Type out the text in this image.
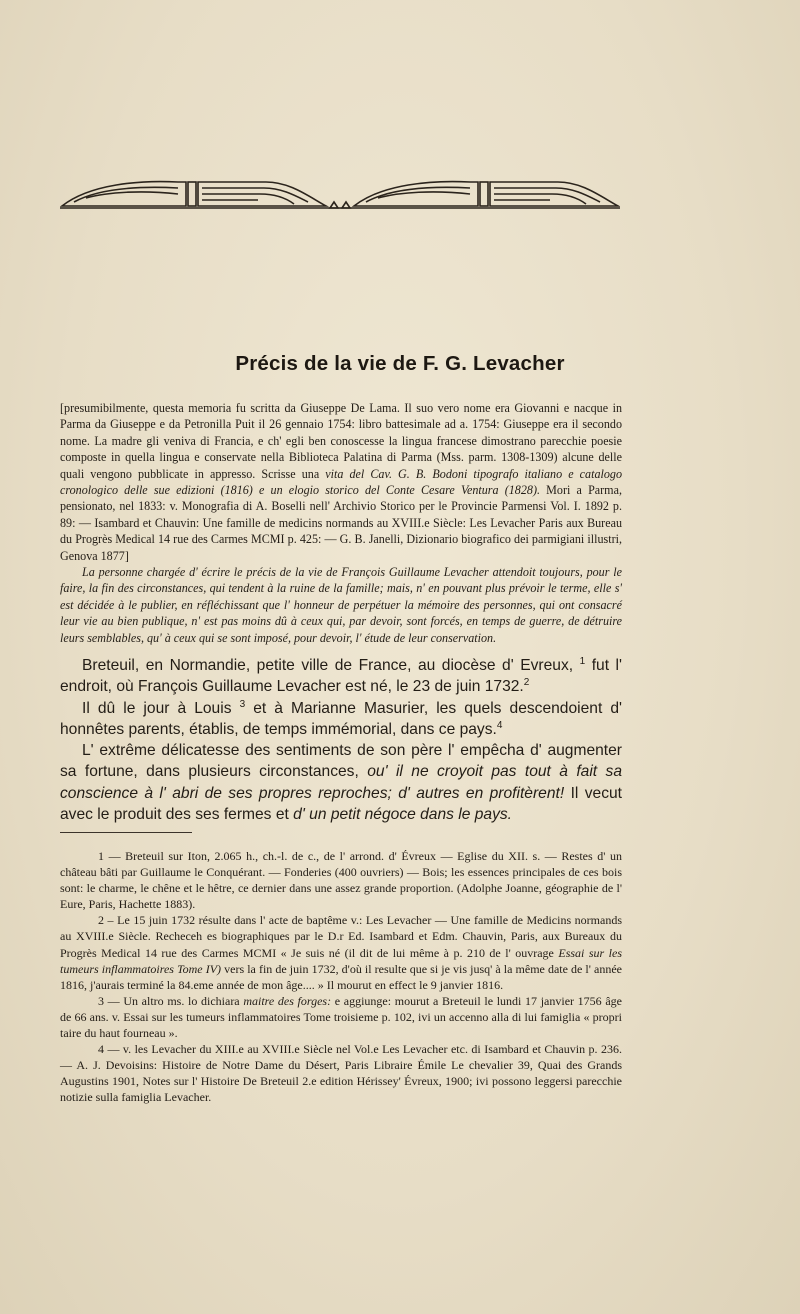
Précis de la vie de F. G. Levacher

[presumibilmente, questa memoria fu scritta da Giuseppe De Lama. Il suo vero nome era Giovanni e nacque in Parma da Giuseppe e da Petronilla Puit il 26 gennaio 1754: libro battesimale ad a. 1754: Giuseppe era il secondo nome. La madre gli veniva di Francia, e ch' egli ben conoscesse la lingua francese dimostrano parecchie poesie composte in quella lingua e conservate nella Biblioteca Palatina di Parma (Mss. parm. 1308-1309) alcune delle quali vengono pubblicate in appresso. Scrisse una vita del Cav. G. B. Bodoni tipografo italiano e catalogo cronologico delle sue edizioni (1816) e un elogio storico del Conte Cesare Ventura (1828). Mori a Parma, pensionato, nel 1833: v. Monografia di A. Boselli nell' Archivio Storico per le Provincie Parmensi Vol. I. 1892 p. 89: — Isambard et Chauvin: Une famille de medicins normands au XVIII.e Siècle: Les Levacher Paris aux Bureau du Progrès Medical 14 rue des Carmes MCMI p. 425: — G. B. Janelli, Dizionario biografico dei parmigiani illustri, Genova 1877]

La personne chargée d' écrire le précis de la vie de François Guillaume Levacher attendoit toujours, pour le faire, la fin des circonstances, qui tendent à la ruine de la famille; mais, n' en pouvant plus prévoir le terme, elle s' est décidée à le publier, en réfléchissant que l' honneur de perpétuer la mémoire des personnes, qui ont consacré leur vie au bien publique, n' est pas moins dû à ceux qui, par devoir, sont forcés, en temps de guerre, de détruire leurs semblables, qu' à ceux qui se sont imposé, pour devoir, l' étude de leur conservation.

Breteuil, en Normandie, petite ville de France, au diocèse d' Evreux, $^1$ fut l' endroit, où François Guillaume Levacher est né, le 23 de juin 1732.$^2$

Il dû le jour à Louis $^3$ et à Marianne Masurier, les quels descendoient d' honnêtes parents, établis, de temps immémorial, dans ce pays.$^4$

L' extrême délicatesse des sentiments de son père l' empêcha d' augmenter sa fortune, dans plusieurs circonstances, ou' il ne croyoit pas tout à fait sa conscience à l' abri de ses propres reproches; d' autres en profitèrent! Il vecut avec le produit des ses fermes et d' un petit négoce dans le pays.

1 — Breteuil sur Iton, 2.065 h., ch.-l. de c., de l' arrond. d' Évreux — Eglise du XII. s. — Restes d' un château bâti par Guillaume le Conquérant. — Fonderies (400 ouvriers) — Bois; les essences principales de ces bois sont: le charme, le chêne et le hêtre, ce dernier dans une assez grande proportion. (Adolphe Joanne, géographie de l' Eure, Paris, Hachette 1883).

2 – Le 15 juin 1732 résulte dans l' acte de baptême v.: Les Levacher — Une famille de Medicins normands au XVIII.e Siècle. Recheceh es biographiques par le D.r Ed. Isambard et Edm. Chauvin, Paris, aux Bureaux du Progrès Medical 14 rue des Carmes MCMI « Je suis né (il dit de lui même à p. 210 de l' ouvrage Essai sur les tumeurs inflammatoires Tome IV) vers la fin de juin 1732, d'où il resulte que si je vis jusq' à la même date de l' année 1816, j'aurais terminé la 84.eme année de mon âge.... » Il mourut en effect le 9 janvier 1816.

3 — Un altro ms. lo dichiara maitre des forges: e aggiunge: mourut a Breteuil le lundi 17 janvier 1756 âge de 66 ans. v. Essai sur les tumeurs inflammatoires Tome troisieme p. 102, ivi un accenno alla di lui famiglia « propri taire du haut fourneau ».

4 — v. les Levacher du XIII.e au XVIII.e Siècle nel Vol.e Les Levacher etc. di Isambard et Chauvin p. 236. — A. J. Devoisins: Histoire de Notre Dame du Désert, Paris Libraire Émile Le chevalier 39, Quai des Grands Augustins 1901, Notes sur l' Histoire De Breteuil 2.e edition Hérissey' Évreux, 1900; ivi possono leggersi parecchie notizie sulla famiglia Levacher.
